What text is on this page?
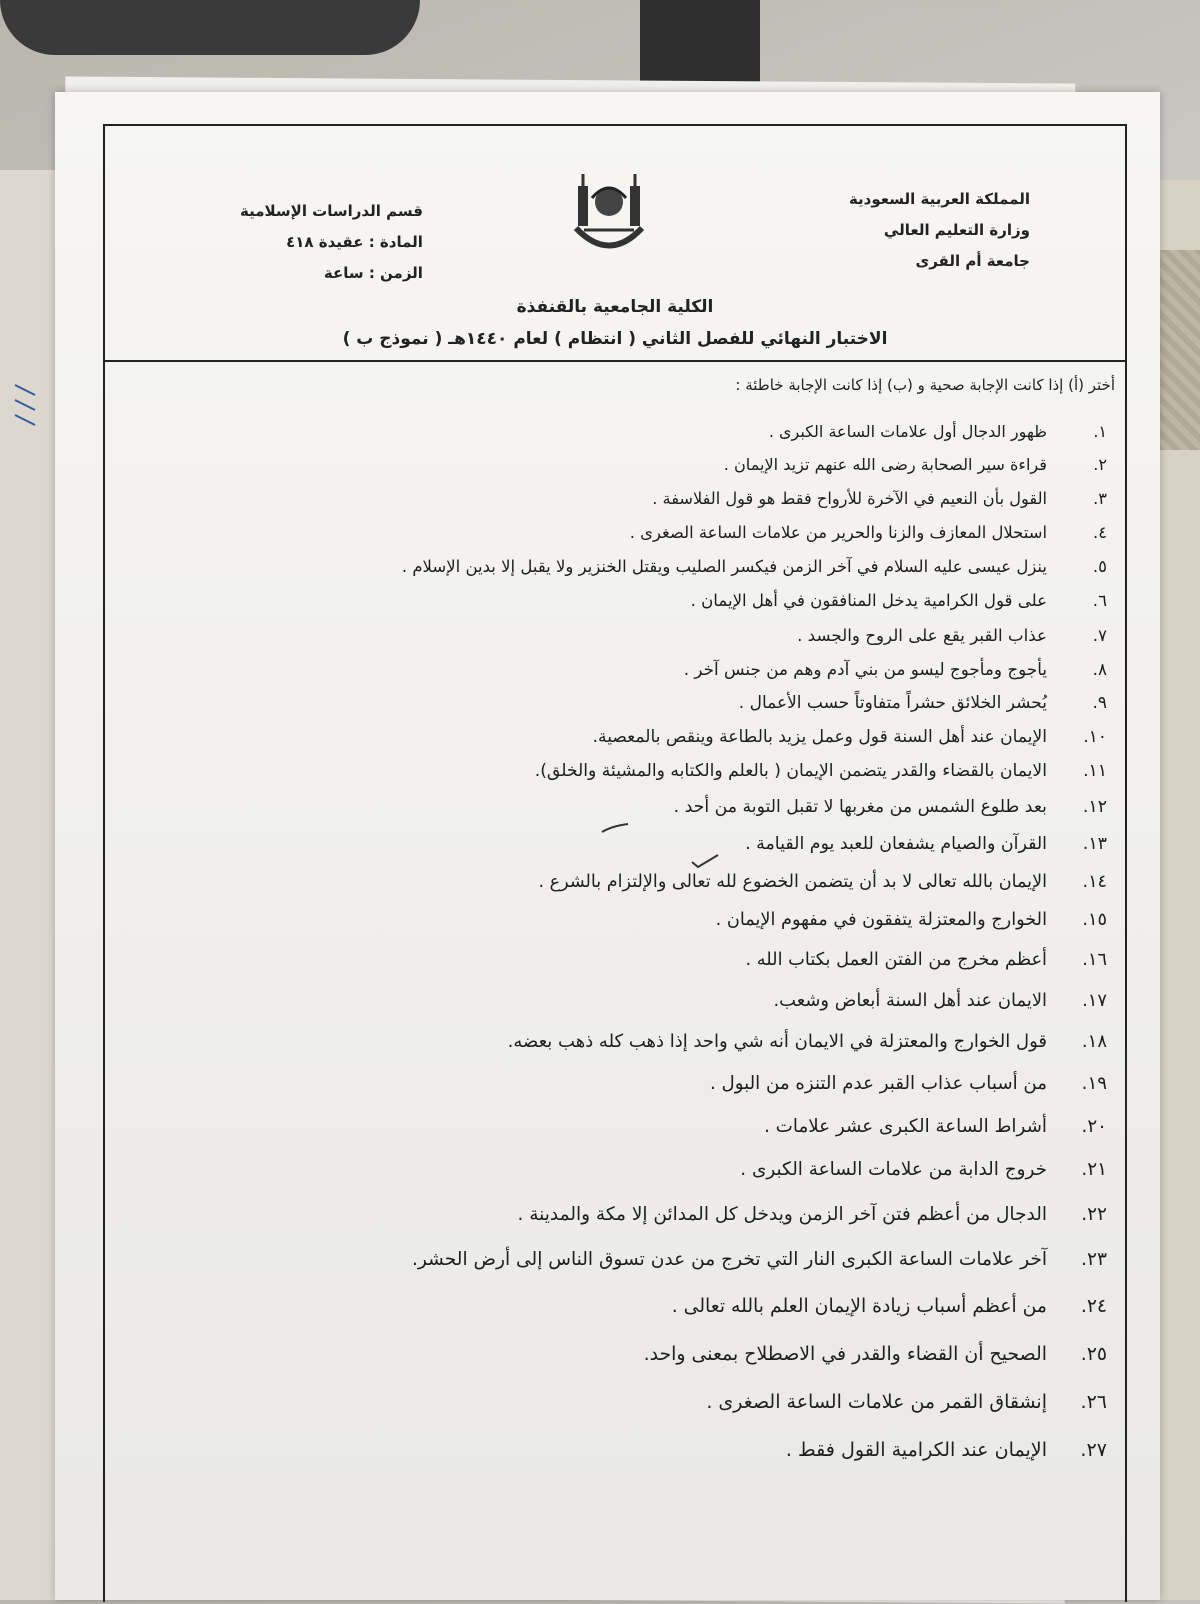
المملكة العربية السعودية
وزارة التعليم العالي
جامعة أم القرى
قسم الدراسات الإسلامية
المادة : عقيدة ٤١٨
الزمن : ساعة
الكلية الجامعية بالقنفذة
الاختبار النهائي للفصل الثاني ( انتظام ) لعام ١٤٤٠هـ ( نموذج ب )
أختر (أ) إذا كانت الإجابة صحية و (ب) إذا كانت الإجابة خاطئة :
١.ظهور الدجال أول علامات الساعة الكبرى .
٢.قراءة سير الصحابة رضى الله عنهم تزيد الإيمان .
٣.القول بأن النعيم في الآخرة للأرواح فقط هو قول الفلاسفة .
٤.استحلال المعازف والزنا والحرير من علامات الساعة الصغرى .
٥.ينزل عيسى عليه السلام في آخر الزمن فيكسر الصليب ويقتل الخنزير ولا يقبل إلا بدين الإسلام .
٦.على قول الكرامية يدخل المنافقون في أهل الإيمان .
٧.عذاب القبر يقع على الروح والجسد .
٨.يأجوج ومأجوج ليسو من بني آدم وهم من جنس آخر .
٩.يُحشر الخلائق حشراً متفاوتاً حسب الأعمال .
١٠.الإيمان عند أهل السنة قول وعمل يزيد بالطاعة وينقص بالمعصية.
١١.الايمان بالقضاء والقدر يتضمن الإيمان ( بالعلم والكتابه والمشيئة والخلق).
١٢.بعد طلوع الشمس من مغربها لا تقبل التوبة من أحد .
١٣.القرآن والصيام يشفعان للعبد يوم القيامة .
١٤.الإيمان بالله تعالى لا بد أن يتضمن الخضوع لله تعالى والإلتزام بالشرع .
١٥.الخوارج والمعتزلة يتفقون في مفهوم الإيمان .
١٦.أعظم مخرج من الفتن العمل بكتاب الله .
١٧.الايمان عند أهل السنة أبعاض وشعب.
١٨.قول الخوارج والمعتزلة في الايمان أنه شي واحد إذا ذهب كله ذهب بعضه.
١٩.من أسباب عذاب القبر عدم التنزه من البول .
٢٠.أشراط الساعة الكبرى عشر علامات .
٢١.خروج الدابة من علامات الساعة الكبرى .
٢٢.الدجال من أعظم فتن آخر الزمن ويدخل كل المدائن إلا مكة والمدينة .
٢٣.آخر علامات الساعة الكبرى النار التي تخرج من عدن تسوق الناس إلى أرض الحشر.
٢٤.من أعظم أسباب زيادة الإيمان العلم بالله تعالى .
٢٥.الصحيح أن القضاء والقدر في الاصطلاح بمعنى واحد.
٢٦.إنشقاق القمر من علامات الساعة الصغرى .
٢٧.الإيمان عند الكرامية القول فقط .
